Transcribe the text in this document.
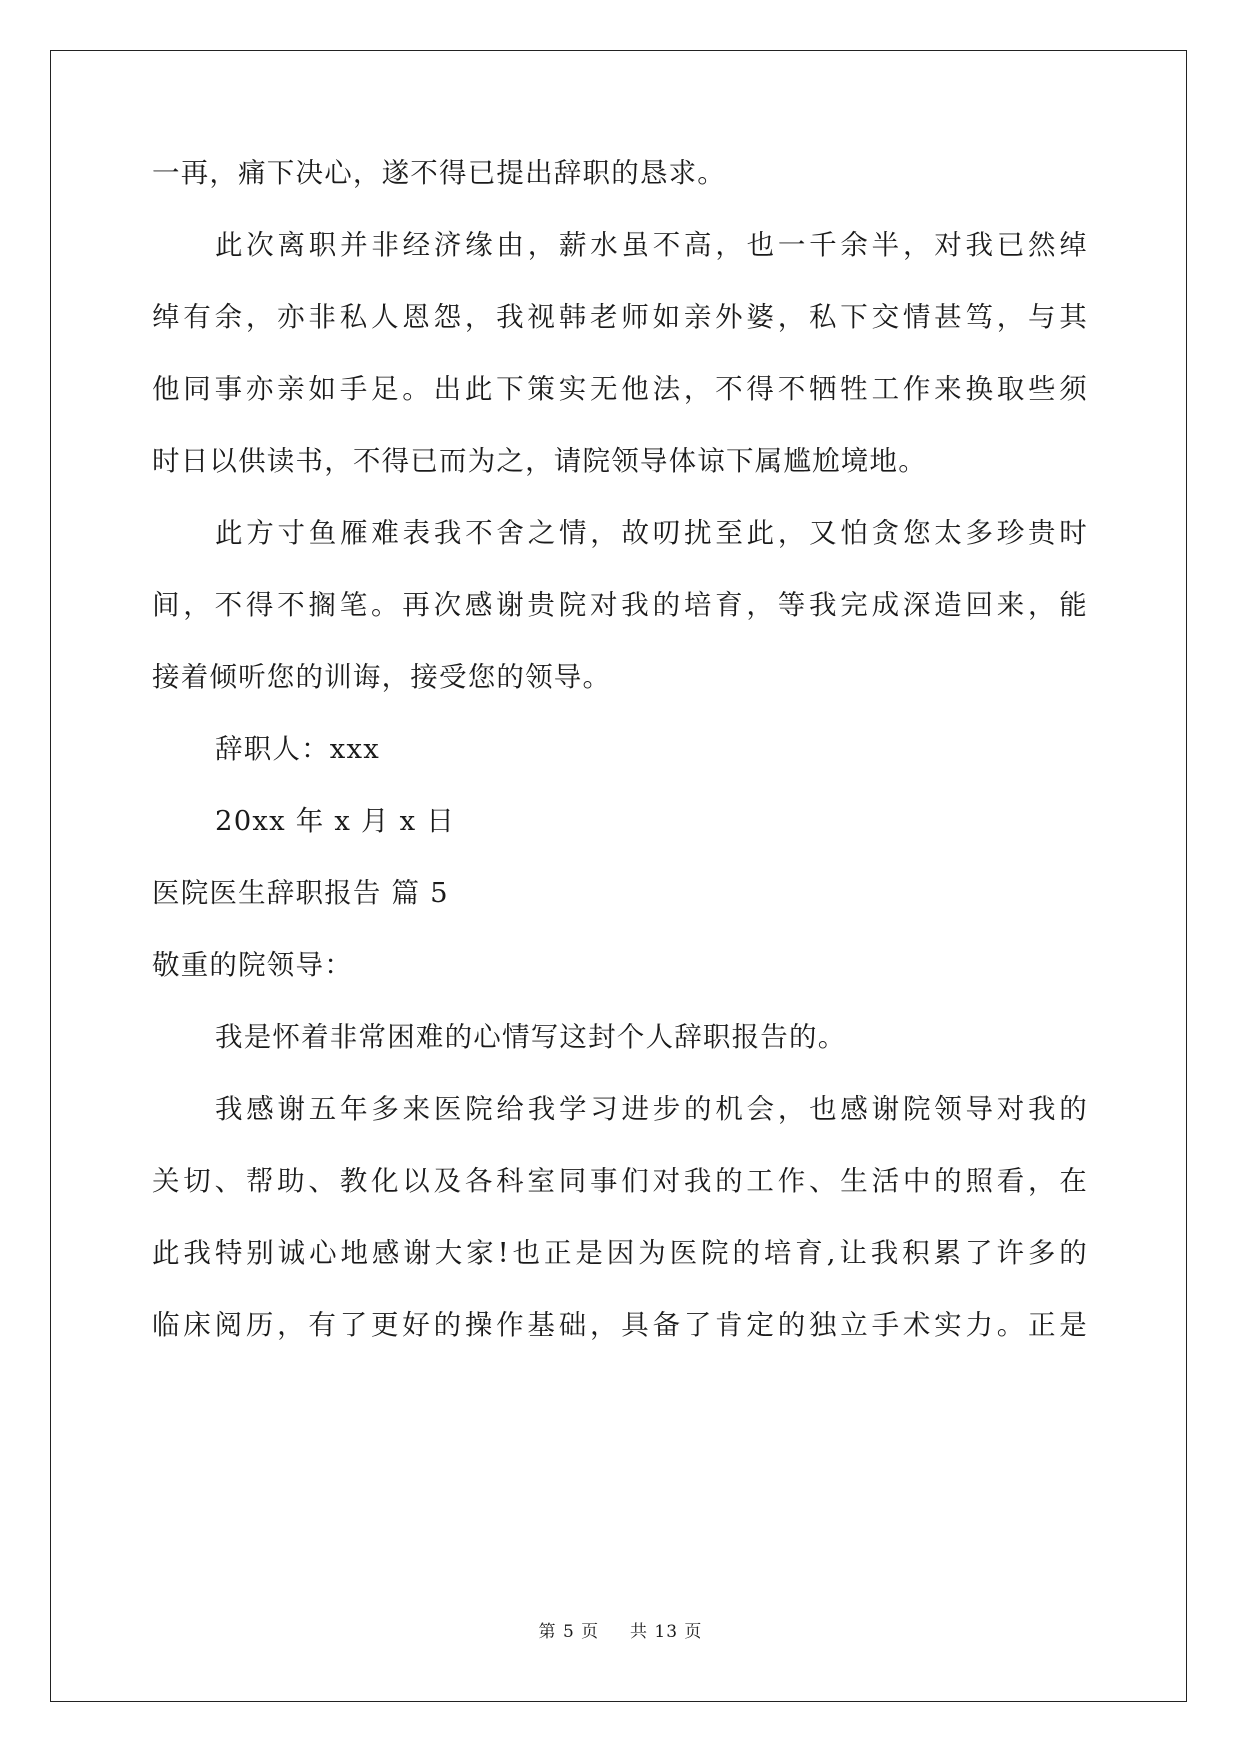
一再，痛下决心，遂不得已提出辞职的恳求。
此次离职并非经济缘由，薪水虽不高，也一千余半，对我已然绰
绰有余，亦非私人恩怨，我视韩老师如亲外婆，私下交情甚笃，与其
他同事亦亲如手足。出此下策实无他法，不得不牺牲工作来换取些须
时日以供读书，不得已而为之，请院领导体谅下属尴尬境地。
此方寸鱼雁难表我不舍之情，故叨扰至此，又怕贪您太多珍贵时
间，不得不搁笔。再次感谢贵院对我的培育，等我完成深造回来，能
接着倾听您的训诲，接受您的领导。
辞职人：xxx
20xx 年 x 月 x 日
医院医生辞职报告 篇 5
敬重的院领导：
我是怀着非常困难的心情写这封个人辞职报告的。
我感谢五年多来医院给我学习进步的机会，也感谢院领导对我的
关切、帮助、教化以及各科室同事们对我的工作、生活中的照看，在
此我特别诚心地感谢大家!也正是因为医院的培育,让我积累了许多的
临床阅历，有了更好的操作基础，具备了肯定的独立手术实力。正是
第 5 页 共 13 页
